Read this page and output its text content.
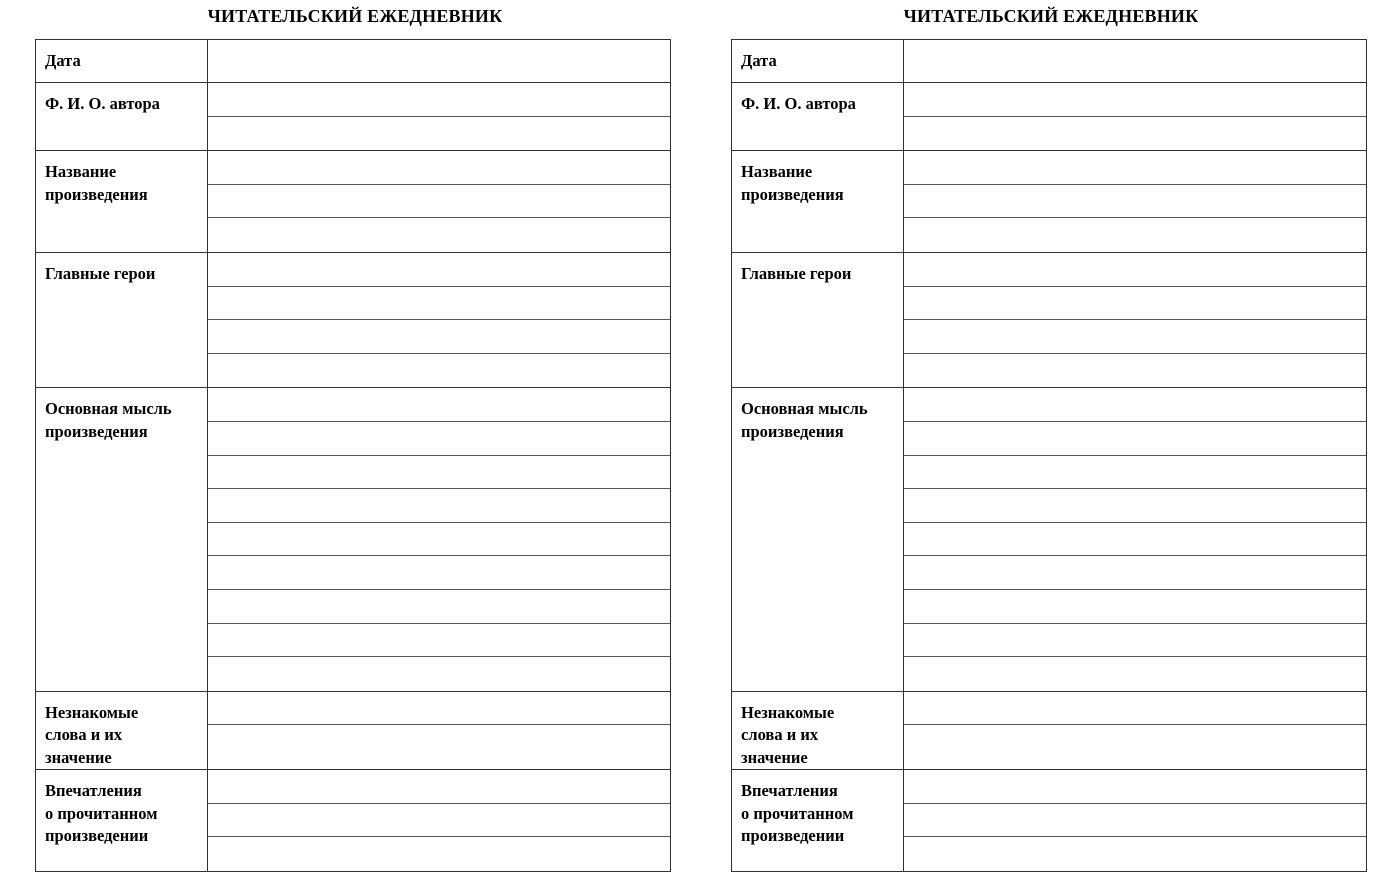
ЧИТАТЕЛЬСКИЙ ЕЖЕДНЕВНИК
Дата
Ф. И. О. автора
Название
произведения
Главные герои
Основная мысль
произведения
Незнакомые
слова и их
значение
Впечатления
о прочитанном
произведении
ЧИТАТЕЛЬСКИЙ ЕЖЕДНЕВНИК
Дата
Ф. И. О. автора
Название
произведения
Главные герои
Основная мысль
произведения
Незнакомые
слова и их
значение
Впечатления
о прочитанном
произведении
